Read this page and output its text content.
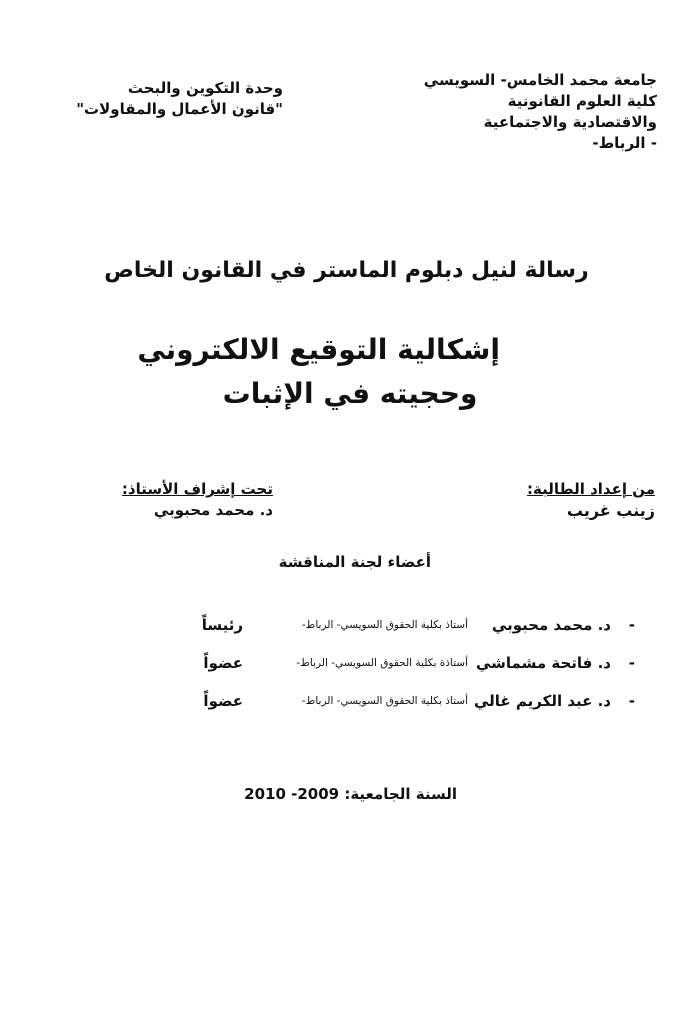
جامعة محمد الخامس- السويسي
كلية العلوم القانونية
والاقتصادية والاجتماعية
- الرباط-
وحدة التكوين والبحث
"قانون الأعمال والمقاولات"
رسالة لنيل دبلوم الماستر في القانون الخاص
إشكالية التوقيع الالكتروني
وحجيته في الإثبات
من إعداد الطالبة:
زينب غريب
تحت إشراف الأستاذ:
د. محمد محبوبي
أعضاء لجنة المناقشة
-
د. محمد محبوبي
أستاذ بكلية الحقوق السويسي- الرباط-
رئيساً
-
د. فاتحة مشماشي
أستاذة بكلية الحقوق السويسي- الرباط-
عضواً
-
د. عبد الكريم غالي
أستاذ بكلية الحقوق السويسي- الرباط-
عضواً
السنة الجامعية: 2009- 2010
